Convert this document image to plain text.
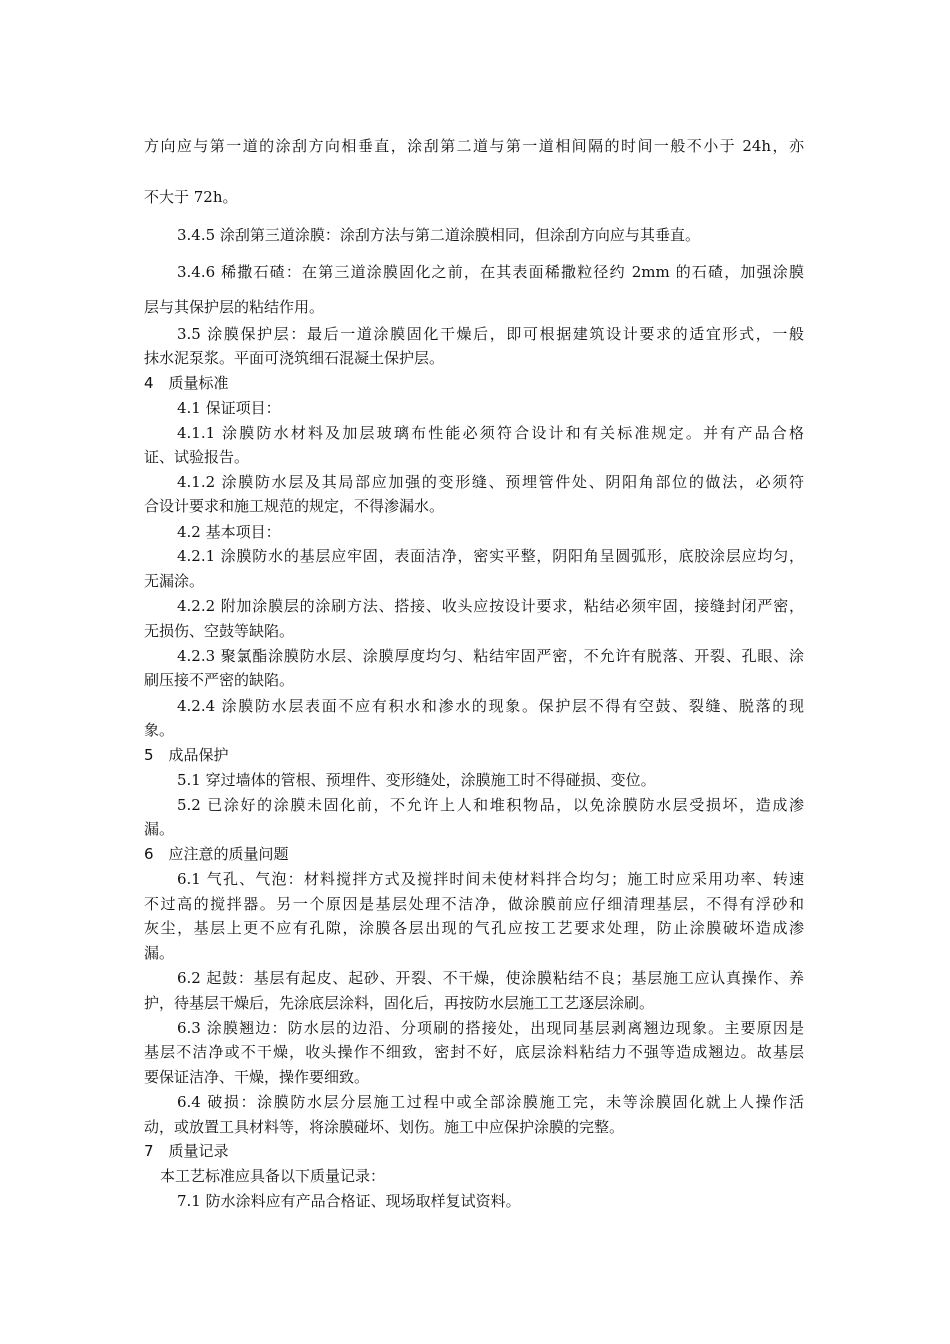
方向应与第一道的涂刮方向相垂直，涂刮第二道与第一道相间隔的时间一般不小于 24h，亦
不大于 72h。
3.4.5 涂刮第三道涂膜：涂刮方法与第二道涂膜相同，但涂刮方向应与其垂直。
3.4.6 稀撒石碴：在第三道涂膜固化之前，在其表面稀撒粒径约 2mm 的石碴，加强涂膜
层与其保护层的粘结作用。
3.5 涂膜保护层：最后一道涂膜固化干燥后，即可根据建筑设计要求的适宜形式，一般
抹水泥泵浆。平面可浇筑细石混凝土保护层。
4　质量标准
4.1 保证项目：
4.1.1 涂膜防水材料及加层玻璃布性能必须符合设计和有关标准规定。并有产品合格
证、试验报告。
4.1.2 涂膜防水层及其局部应加强的变形缝、预埋管件处、阴阳角部位的做法，必须符
合设计要求和施工规范的规定，不得渗漏水。
4.2 基本项目：
4.2.1 涂膜防水的基层应牢固，表面洁净，密实平整，阴阳角呈圆弧形，底胶涂层应均匀，
无漏涂。
4.2.2 附加涂膜层的涂刷方法、搭接、收头应按设计要求，粘结必须牢固，接缝封闭严密，
无损伤、空鼓等缺陷。
4.2.3 聚氯酯涂膜防水层、涂膜厚度均匀、粘结牢固严密，不允许有脱落、开裂、孔眼、涂
刷压接不严密的缺陷。
4.2.4 涂膜防水层表面不应有积水和渗水的现象。保护层不得有空鼓、裂缝、脱落的现
象。
5　成品保护
5.1 穿过墙体的管根、预埋件、变形缝处，涂膜施工时不得碰损、变位。
5.2 已涂好的涂膜未固化前，不允许上人和堆积物品，以免涂膜防水层受损坏，造成渗
漏。
6　应注意的质量问题
6.1 气孔、气泡：材料搅拌方式及搅拌时间未使材料拌合均匀；施工时应采用功率、转速
不过高的搅拌器。另一个原因是基层处理不洁净，做涂膜前应仔细清理基层，不得有浮砂和
灰尘，基层上更不应有孔隙，涂膜各层出现的气孔应按工艺要求处理，防止涂膜破坏造成渗
漏。
6.2 起鼓：基层有起皮、起砂、开裂、不干燥，使涂膜粘结不良；基层施工应认真操作、养
护，待基层干燥后，先涂底层涂料，固化后，再按防水层施工工艺逐层涂刷。
6.3 涂膜翘边：防水层的边沿、分项刷的搭接处，出现同基层剥离翘边现象。主要原因是
基层不洁净或不干燥，收头操作不细致，密封不好，底层涂料粘结力不强等造成翘边。故基层
要保证洁净、干燥，操作要细致。
6.4 破损：涂膜防水层分层施工过程中或全部涂膜施工完，未等涂膜固化就上人操作活
动，或放置工具材料等，将涂膜碰坏、划伤。施工中应保护涂膜的完整。
7　质量记录
本工艺标准应具备以下质量记录：
7.1 防水涂料应有产品合格证、现场取样复试资料。
